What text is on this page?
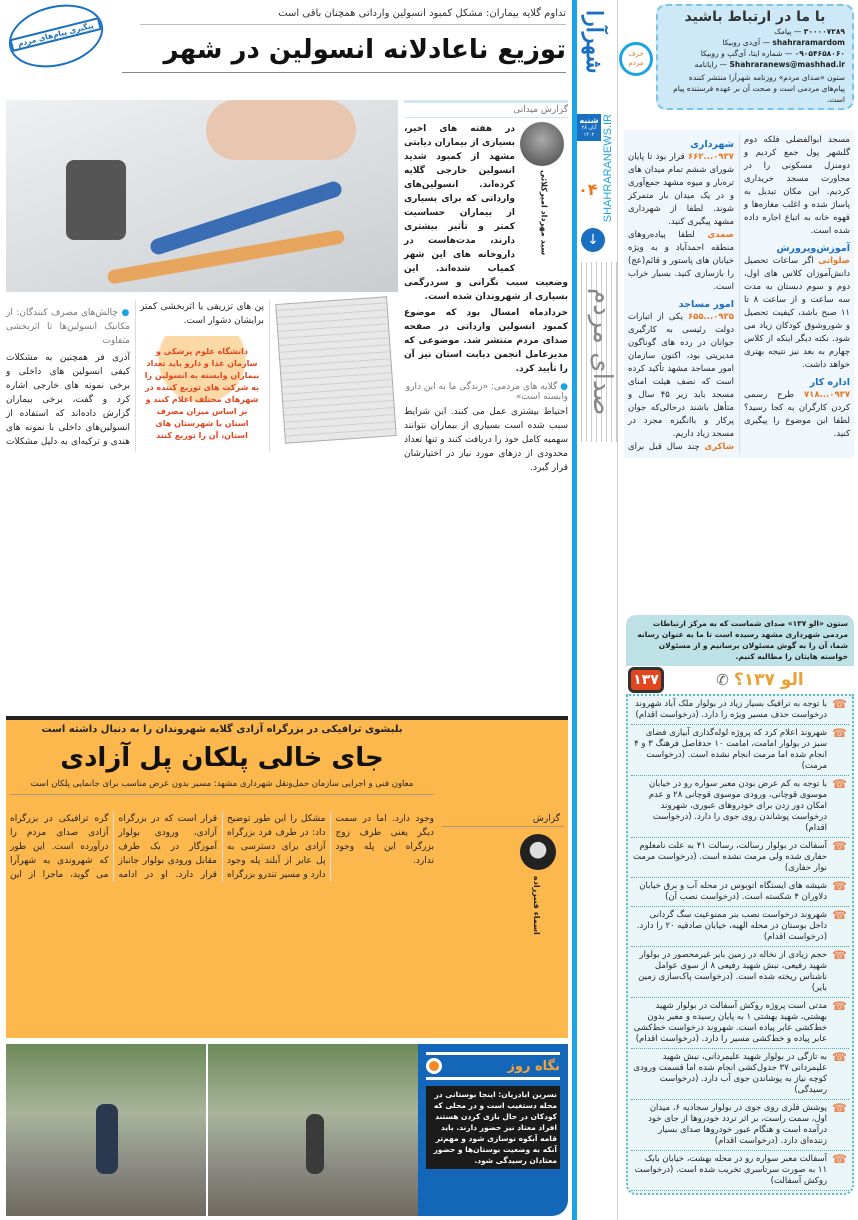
شهرآرا
شنبه
۲۸ آبان ۱۴۰۲ SHAHRARANEWS.IR
۰۴
↓
صدای مردم
حرف مردم
با ما در ارتباط باشید
۳۰۰۰۰۷۲۸۹ — پیامک
shahraramardom — آی‌دی روبیکا
۰۹۰۵۴۶۵۸۰۶۰ — شماره ایتا، آی‌گپ و روبیکا
Shahraranews@mashhad.ir — رایانامه
ستون «صدای مردم» روزنامه شهرآرا منتشر کننده پیام‌های مردمی است و صحت آن بر عهده فرستنده پیام است.
شهرداری
۰۹۳۷...۶۶۲ قرار بود تا پایان شورای ششم تمام میدان های تره‌بار و میوه مشهد جمع‌آوری و در یک میدان بار متمرکز شوند. لطفا از شهرداری مشهد پیگیری کنید.
صمدی لطفا پیاده‌روهای منطقه احمدآباد و به ویژه خیابان های پاستور و قائم(عج) را بازسازی کنید. بسیار خراب است.
امور مساجد
۰۹۳۵...۶۵۵ یکی از اتبارات دولت رئیسی به کارگیری جوانان در رده های گوناگون مدیریتی بود، اکنون سازمان امور مساجد مشهد تأکید کرده است که نصف هیئت امنای مسجد باید زیر ۴۵ سال و متأهل باشند درحالی‌که جوان پرکار و باانگیزه مجرد در مسجد زیاد داریم.
شاکری چند سال قبل برای مسجد ابوالفضلی فلکه دوم گلشهر پول جمع کردیم و دومنزل مسکونی را در مجاورت مسجد خریداری کردیم. این مکان تبدیل به پاساژ شده و اغلب مغازه‌ها و قهوه خانه به اتباع اجاره داده شده است.
آموزش‌وپرورش
صلواتی اگر ساعات تحصیل دانش‌آموزان کلاس های اول، دوم و سوم دبستان به مدت سه ساعت و از ساعت ۸ تا ۱۱ صبح باشد، کیفیت تحصیل و شوروشوق کودکان زیاد می شود. نکته دیگر اینکه از کلاس چهارم به بعد نیز نتیجه بهتری خواهد داشت.
اداره کار
۰۹۳۷...۷۱۸ طرح رسمی کردن کارگران به کجا رسید؟ لطفا این موضوع را پیگیری کنید.
ستون «الو ۱۳۷» صدای شماست که به مرکز ارتباطات مردمی شهرداری مشهد رسیده است تا ما به عنوان رسانه شما، آن را به گوش مسئولان برسانیم و از مسئولان خواسته هایتان را مطالبه کنیم.
✆ الو ۱۳۷؟
۱۳۷
☎
با توجه به ترافیک بسیار زیاد در بولوار ملک آباد شهروند درخواست حذف مسیر ویژه را دارد. (درخواست اقدام)
☎
شهروند اعلام کرد که پروژه لوله‌گذاری آبیاری فضای سبز در بولوار امامت، امامت ۱۰ حدفاصل فرهنگ ۳ و ۴ انجام شده اما مرمت انجام نشده است. (درخواست مرمت)
☎
با توجه به کم عرض بودن معبر سواره رو در خیابان موسوی قوچانی، ورودی موسوی قوچانی ۲۸ و عدم امکان دور زدن برای خودروهای عبوری، شهروند درخواست پوشاندن روی جوی را دارد. (درخواست اقدام)
☎
آسفالت در بولوار رسالت، رسالت ۴۱ به علت نامعلوم حفاری شده ولی مرمت نشده است. (درخواست مرمت نوار حفاری)
☎
شیشه های ایستگاه اتوبوس در محله آب و برق خیابان دلاوران ۴ شکسته است. (درخواست نصب آن)
☎
شهروند درخواست نصب بنر ممنوعیت سگ گردانی داخل بوستان در محله الهیه، خیابان صادقیه ۲۰ را دارد. (درخواست اقدام)
☎
حجم زیادی از نخاله در زمین بایر غیرمحصور در بولوار شهید رفیعی، نبش شهید رفیعی ۸ از سوی عوامل ناشناس ریخته شده است. (درخواست پاک‌سازی زمین بایر)
☎
مدتی است پروژه روکش آسفالت در بولوار شهید بهشتی، شهید بهشتی ۱ به پایان رسیده و معبر بدون خط‌کشی عابر پیاده است. شهروند درخواست خط‌کشی عابر پیاده و خط‌کشی مسیر را دارد. (درخواست اقدام)
☎
به تازگی در بولوار شهید علیمردانی، نبش شهید علیمردانی ۳۷ جدول‌کشی انجام شده اما قسمت ورودی کوچه نیاز به پوشاندن جوی آب دارد. (درخواست رسیدگی)
☎
پوشش فلزی روی جوی در بولوار سجادیه ۶، میدان اول، سمت راست، بر اثر تردد خودروها از جای خود درآمده است و هنگام عبور خودروها صدای بسیار زننده‌ای دارد. (درخواست اقدام)
☎
آسفالت معبر سواره رو در محله بهشت، خیابان بابک ۱۱ به صورت سرتاسری تخریب شده است. (درخواست روکش آسفالت)
تداوم گلایه بیماران: مشکل کمبود انسولین وارداتی همچنان باقی است
توزیع ناعادلانه انسولین در شهر
پیگیری پیام‌های مردم
گزارش میدانی
سید مهرداد امیرکلائی
در هفته های اخیر، بسیاری از بیماران دیابتی مشهد از کمبود شدید انسولین خارجی گلایه کرده‌اند. انسولین‌های وارداتی که برای بسیاری از بیماران حساسیت کمتر و تأثیر بیشتری دارند، مدت‌هاست در داروخانه های این شهر کمیاب شده‌اند. این وضعیت سبب نگرانی و سردرگمی بسیاری از شهروندان شده است.
خردادماه امسال بود که موضوع کمبود انسولین وارداتی در صفحه صدای مردم منتشر شد. موضوعی که مدیرعامل انجمن دیابت استان نیز آن را تأیید کرد.
● گلایه های مردمی: «زندگی ما به این دارو وابسته است»
احتیاط بیشتری عمل می کنند. این شرایط سبب شده است بسیاری از بیماران نتوانند سهمیه کامل خود را دریافت کنند و تنها تعداد محدودی از دزهای مورد نیاز در اختیارشان قرار گیرد.
● چالش‌های مصرف کنندگان: از مکانیک انسولین‌ها تا اثربخشی متفاوت
آذری فر همچنین به مشکلات کیفی انسولین های داخلی و برخی نمونه های خارجی اشاره کرد و گفت، برخی بیماران گزارش داده‌اند که استفاده از انسولین‌های داخلی با نمونه های هندی و ترکیه‌ای به دلیل مشکلات پن های تزریقی یا اثربخشی کمتر برایشان دشوار است.
دانشگاه علوم پزشکی و سازمان غذا و دارو باید تعداد بیماران وابسته به انسولین را به شرکت های توزیع کننده در شهرهای مختلف اعلام کنند و بر اساس میزان مصرف استان یا شهرستان های استان، آن را توزیع کنند
بلبشوی ترافیکی در بزرگراه آزادی گلایه شهروندان را به دنبال داشته است
جای خالی پلکان پل آزادی
معاون فنی و اجرایی سازمان حمل‌ونقل شهرداری مشهد: مسیر بدون عرض مناسب برای جانمایی پلکان است
گزارش
اسماء قنبرزاده
گره ترافیکی در بزرگراه آزادی صدای مردم را درآورده است. این طور که شهروندی به شهرآرا می گوید، ماجرا از این قرار است که در بزرگراه آزادی، ورودی بولوار آموزگار در یک طرف مقابل ورودی بولوار جانباز قرار دارد. او در ادامه مشکل را این طور توضیح داد: در طرف فرد بزرگراه آزادی برای دسترسی به پل عابر از آبلند پله وجود دارد و مسیر تندرو بزرگراه وجود دارد. اما در سمت دیگر یعنی طرف زوج بزرگراه این پله وجود ندارد.
نگاه روز
نسرین ابادریان: اینجا بوستانی در محله دستغیب است و در محلی که کودکان در حال بازی کردن هستند افراد معتاد نیز حضور دارند. باید قامه آبکوه نوسازی شود و مهم‌تر آنکه به وضعیت بوستان‌ها و حضور معتادان رسیدگی شود.
